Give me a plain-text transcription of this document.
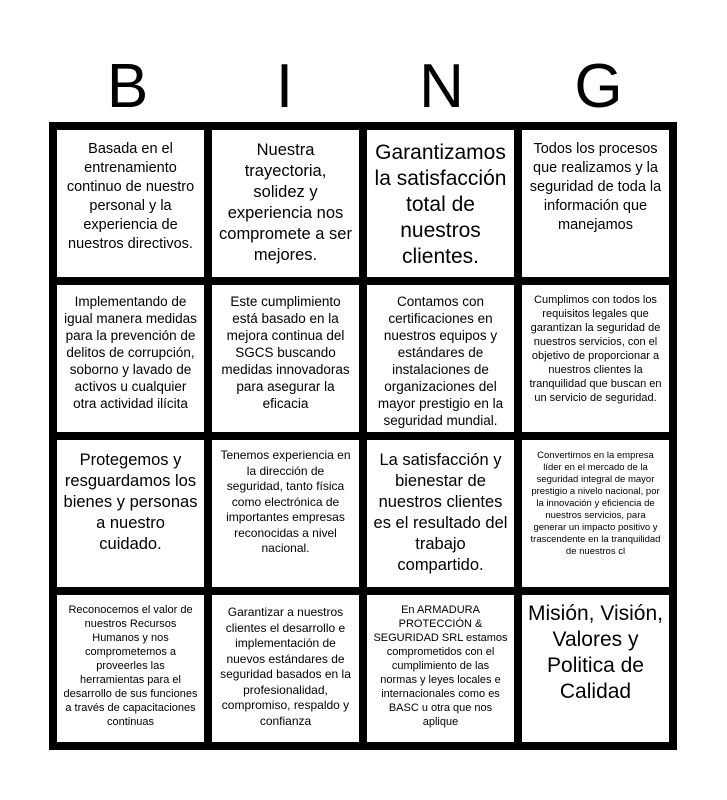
B	I	N	G
Basada en el entrenamiento continuo de nuestro personal y la experiencia de nuestros directivos.
Nuestra trayectoria, solidez y experiencia nos compromete a ser mejores.
Garantizamos la satisfacción total de nuestros clientes.
Todos los procesos que realizamos y la seguridad de toda la información que manejamos
Implementando de igual manera medidas para la prevención de delitos de corrupción, soborno y lavado de activos u cualquier otra actividad ilícita
Este cumplimiento está basado en la mejora continua del SGCS buscando medidas innovadoras para asegurar la eficacia
Contamos con certificaciones en nuestros equipos y estándares de instalaciones de organizaciones del mayor prestigio en la seguridad mundial.
Cumplimos con todos los requisitos legales que garantizan la seguridad de nuestros servicios, con el objetivo de proporcionar a nuestros clientes la tranquilidad que buscan en un servicio de seguridad.
Protegemos y resguardamos los bienes y personas a nuestro cuidado.
Tenemos experiencia en la dirección de seguridad, tanto física como electrónica de importantes empresas reconocidas a nivel nacional.
La satisfacción y bienestar de nuestros clientes es el resultado del trabajo compartido.
Convertirnos en la empresa líder en el mercado de la seguridad integral de mayor prestigio a nivelo nacional, por la innovación y eficiencia de nuestros servicios, para generar un impacto positivo y trascendente en la tranquilidad de nuestros cl
Reconocemos el valor de nuestros Recursos Humanos y nos comprometemos a proveerles las herramientas para el desarrollo de sus funciones a través de capacitaciones continuas
Garantizar a nuestros clientes el desarrollo e implementación de nuevos estándares de seguridad basados en la profesionalidad, compromiso, respaldo y confianza
En ARMADURA PROTECCIÓN & SEGURIDAD SRL estamos comprometidos con el cumplimiento de las normas y leyes locales e internacionales como es BASC u otra que nos aplique
Misión, Visión, Valores y Politica de Calidad
